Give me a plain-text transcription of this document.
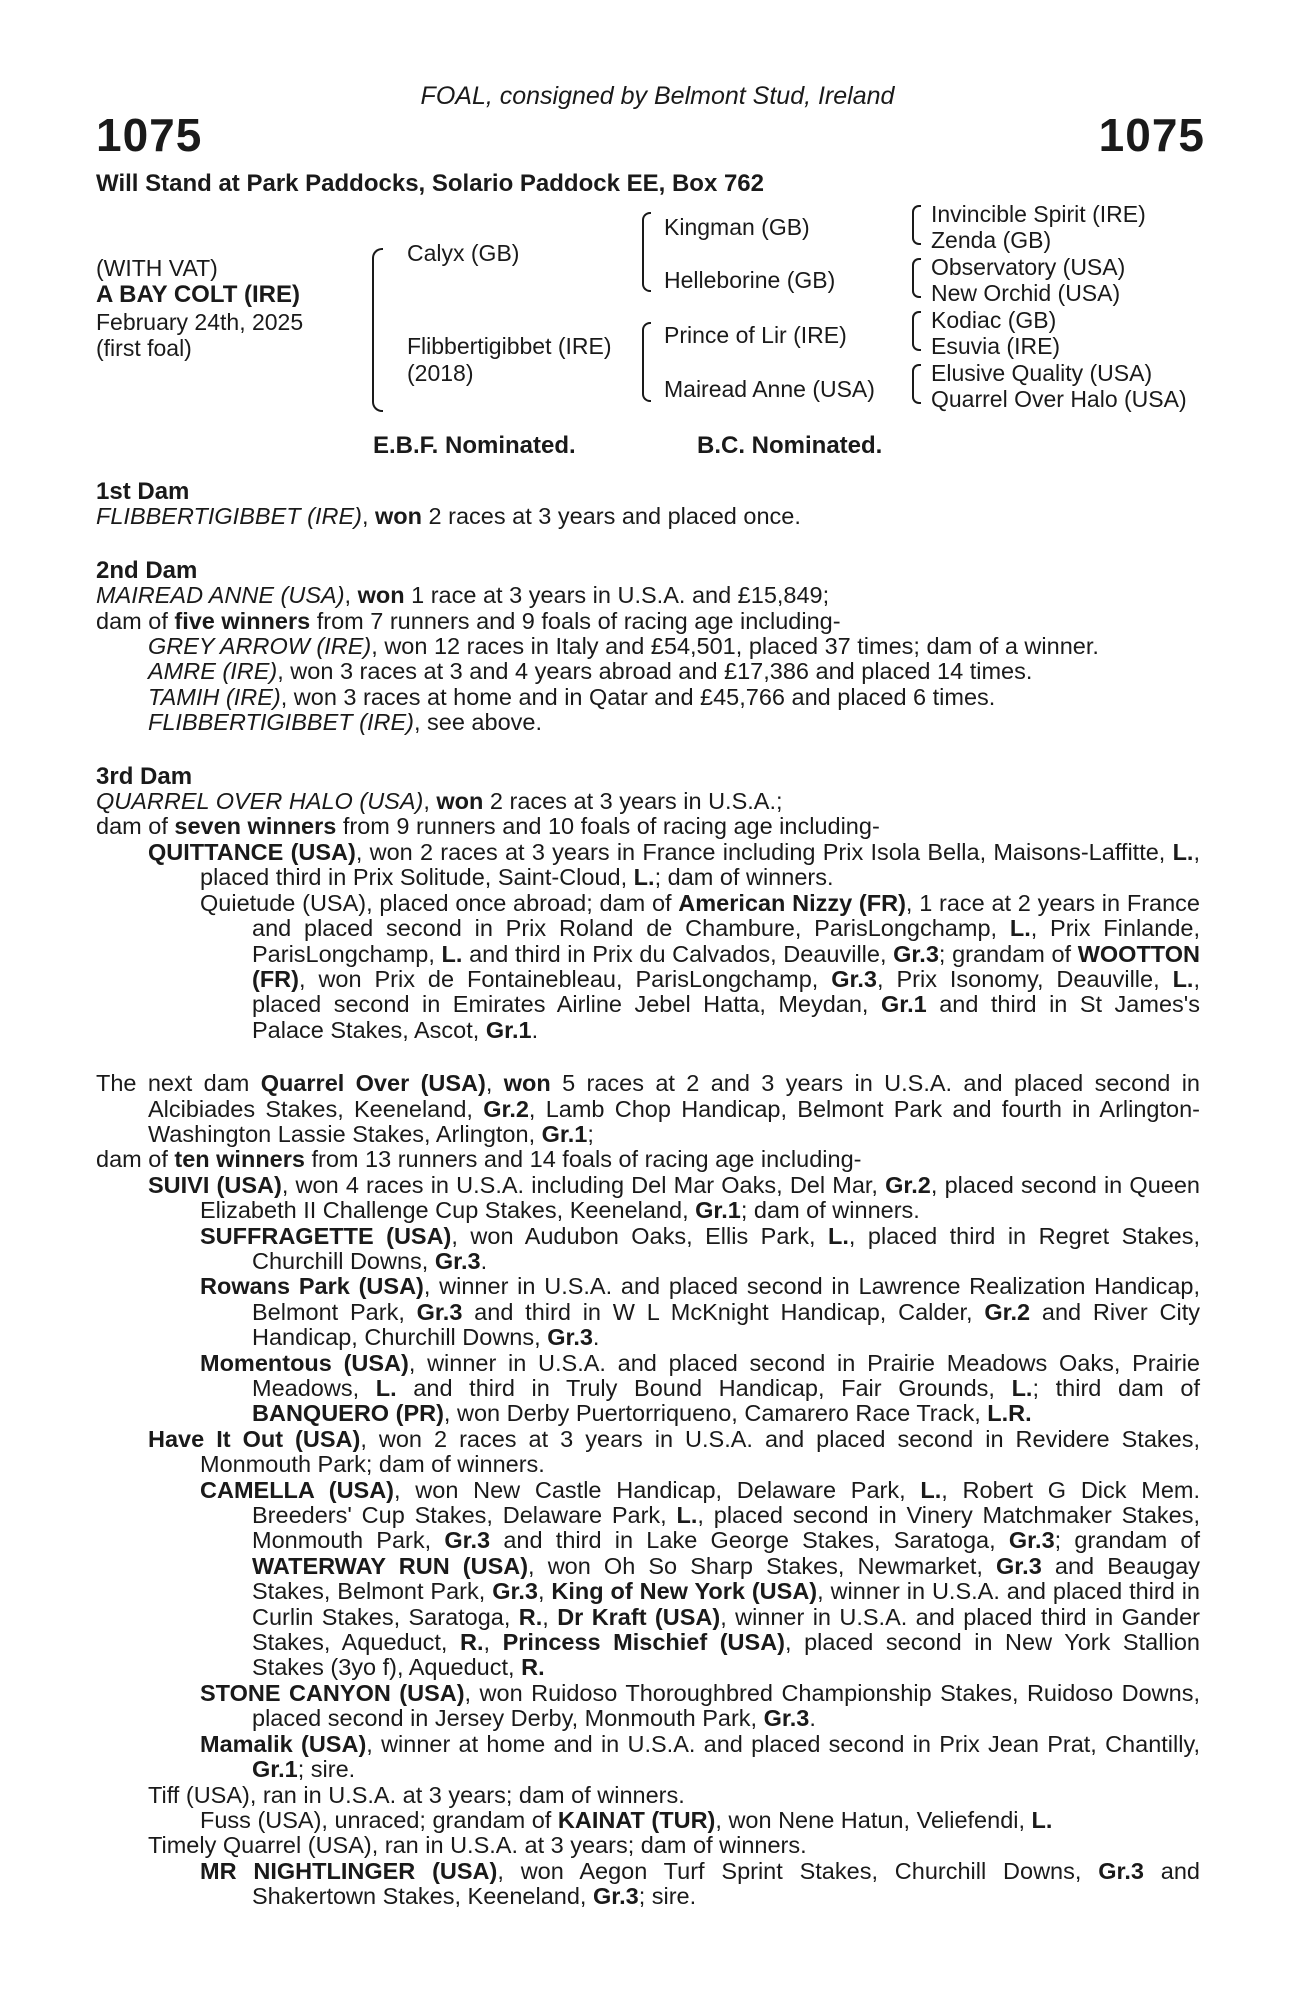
FOAL, consigned by Belmont Stud, Ireland
1075	1075
Will Stand at Park Paddocks, Solario Paddock EE, Box 762
(WITH VAT)
A BAY COLT (IRE)
February 24th, 2025
(first foal)
Calyx (GB)
Flibbertigibbet (IRE)
(2018)
Kingman (GB)
Helleborine (GB)
Prince of Lir (IRE)
Mairead Anne (USA)
Invincible Spirit (IRE)
Zenda (GB)
Observatory (USA)
New Orchid (USA)
Kodiac (GB)
Esuvia (IRE)
Elusive Quality (USA)
Quarrel Over Halo (USA)
E.B.F. Nominated.	B.C. Nominated.

1st Dam

FLIBBERTIGIBBET (IRE), won 2 races at 3 years and placed once.

2nd Dam

MAIREAD ANNE (USA), won 1 race at 3 years in U.S.A. and £15,849;

dam of five winners from 7 runners and 9 foals of racing age including-

GREY ARROW (IRE), won 12 races in Italy and £54,501, placed 37 times; dam of a winner.

AMRE (IRE), won 3 races at 3 and 4 years abroad and £17,386 and placed 14 times.

TAMIH (IRE), won 3 races at home and in Qatar and £45,766 and placed 6 times.

FLIBBERTIGIBBET (IRE), see above.

3rd Dam

QUARREL OVER HALO (USA), won 2 races at 3 years in U.S.A.;

dam of seven winners from 9 runners and 10 foals of racing age including-

QUITTANCE (USA), won 2 races at 3 years in France including Prix Isola Bella, Maisons-Laffitte, L., placed third in Prix Solitude, Saint-Cloud, L.; dam of winners.

Quietude (USA), placed once abroad; dam of American Nizzy (FR), 1 race at 2 years in France and placed second in Prix Roland de Chambure, ParisLongchamp, L., Prix Finlande, ParisLongchamp, L. and third in Prix du Calvados, Deauville, Gr.3; grandam of WOOTTON (FR), won Prix de Fontainebleau, ParisLongchamp, Gr.3, Prix Isonomy, Deauville, L., placed second in Emirates Airline Jebel Hatta, Meydan, Gr.1 and third in St James's Palace Stakes, Ascot, Gr.1.

The next dam Quarrel Over (USA), won 5 races at 2 and 3 years in U.S.A. and placed second in Alcibiades Stakes, Keeneland, Gr.2, Lamb Chop Handicap, Belmont Park and fourth in Arlington-Washington Lassie Stakes, Arlington, Gr.1;

dam of ten winners from 13 runners and 14 foals of racing age including-

SUIVI (USA), won 4 races in U.S.A. including Del Mar Oaks, Del Mar, Gr.2, placed second in Queen Elizabeth II Challenge Cup Stakes, Keeneland, Gr.1; dam of winners.

SUFFRAGETTE (USA), won Audubon Oaks, Ellis Park, L., placed third in Regret Stakes, Churchill Downs, Gr.3.

Rowans Park (USA), winner in U.S.A. and placed second in Lawrence Realization Handicap, Belmont Park, Gr.3 and third in W L McKnight Handicap, Calder, Gr.2 and River City Handicap, Churchill Downs, Gr.3.

Momentous (USA), winner in U.S.A. and placed second in Prairie Meadows Oaks, Prairie Meadows, L. and third in Truly Bound Handicap, Fair Grounds, L.; third dam of BANQUERO (PR), won Derby Puertorriqueno, Camarero Race Track, L.R.

Have It Out (USA), won 2 races at 3 years in U.S.A. and placed second in Revidere Stakes, Monmouth Park; dam of winners.

CAMELLA (USA), won New Castle Handicap, Delaware Park, L., Robert G Dick Mem. Breeders' Cup Stakes, Delaware Park, L., placed second in Vinery Matchmaker Stakes, Monmouth Park, Gr.3 and third in Lake George Stakes, Saratoga, Gr.3; grandam of WATERWAY RUN (USA), won Oh So Sharp Stakes, Newmarket, Gr.3 and Beaugay Stakes, Belmont Park, Gr.3, King of New York (USA), winner in U.S.A. and placed third in Curlin Stakes, Saratoga, R., Dr Kraft (USA), winner in U.S.A. and placed third in Gander Stakes, Aqueduct, R., Princess Mischief (USA), placed second in New York Stallion Stakes (3yo f), Aqueduct, R.

STONE CANYON (USA), won Ruidoso Thoroughbred Championship Stakes, Ruidoso Downs, placed second in Jersey Derby, Monmouth Park, Gr.3.

Mamalik (USA), winner at home and in U.S.A. and placed second in Prix Jean Prat, Chantilly, Gr.1; sire.

Tiff (USA), ran in U.S.A. at 3 years; dam of winners.

Fuss (USA), unraced; grandam of KAINAT (TUR), won Nene Hatun, Veliefendi, L.

Timely Quarrel (USA), ran in U.S.A. at 3 years; dam of winners.

MR NIGHTLINGER (USA), won Aegon Turf Sprint Stakes, Churchill Downs, Gr.3 and Shakertown Stakes, Keeneland, Gr.3; sire.
